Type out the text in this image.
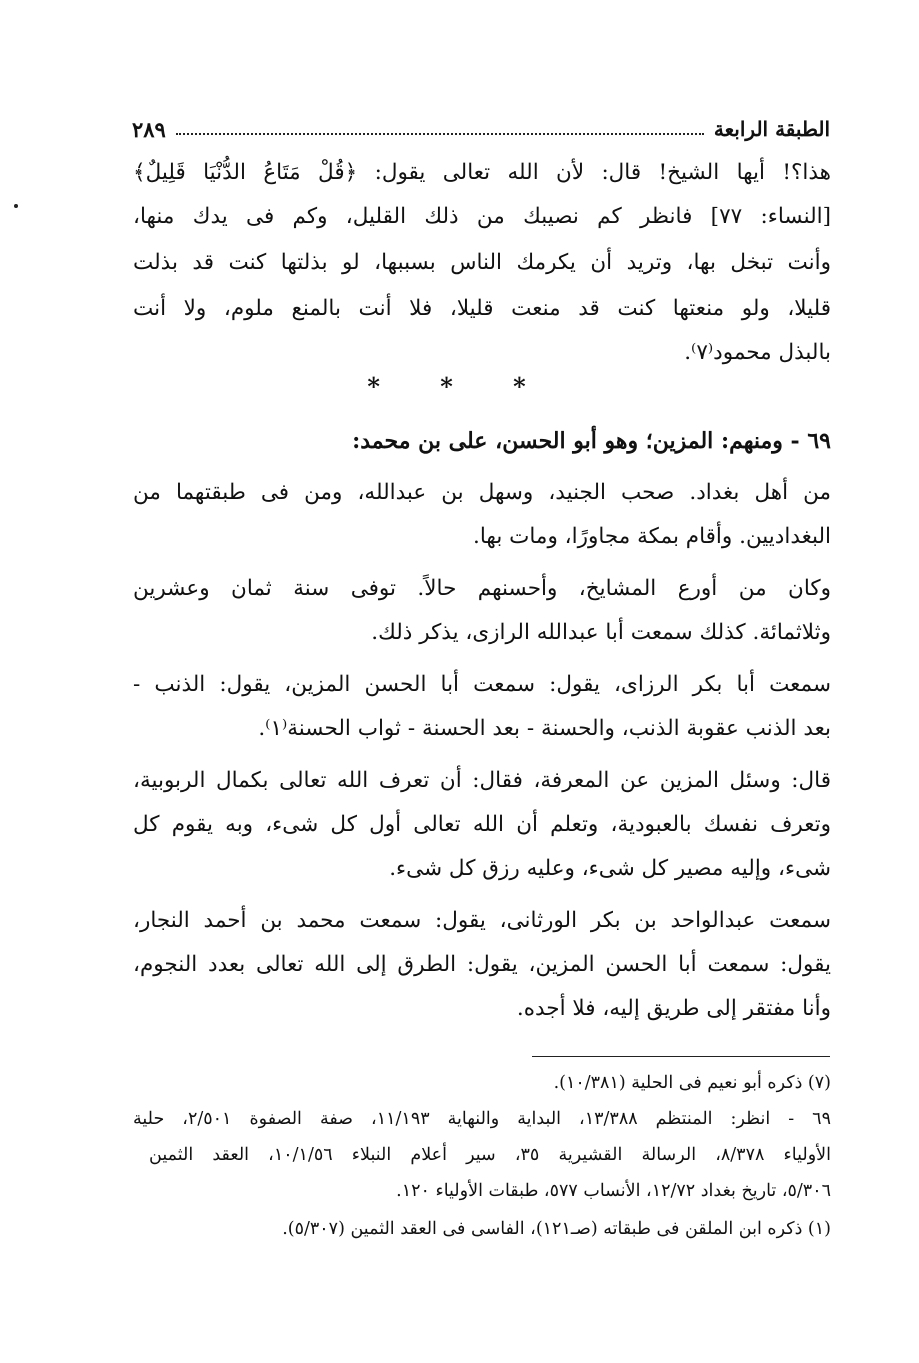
الطبقة الرابعة
٢٨٩
هذا؟! أيها الشيخ! قال: لأن الله تعالى يقول: ﴿قُلْ مَتَاعُ الدُّنْيَا قَلِيلٌ﴾
[النساء: ٧٧] فانظر كم نصيبك من ذلك القليل، وكم فى يدك منها،
وأنت تبخل بها، وتريد أن يكرمك الناس بسببها، لو بذلتها كنت قد بذلت
قليلا، ولو منعتها كنت قد منعت قليلا، فلا أنت بالمنع ملوم، ولا أنت
بالبذل محمود⁽٧⁾.
* * *
٦٩ - ومنهم: المزين؛ وهو أبو الحسن، على بن محمد:
من أهل بغداد. صحب الجنيد، وسهل بن عبدالله، ومن فى طبقتهما من
البغداديين. وأقام بمكة مجاورًا، ومات بها.
وكان من أورع المشايخ، وأحسنهم حالاً. توفى سنة ثمان وعشرين
وثلاثمائة. كذلك سمعت أبا عبدالله الرازى، يذكر ذلك.
سمعت أبا بكر الرزاى، يقول: سمعت أبا الحسن المزين، يقول: الذنب -
بعد الذنب عقوبة الذنب، والحسنة - بعد الحسنة - ثواب الحسنة⁽١⁾.
قال: وسئل المزين عن المعرفة، فقال: أن تعرف الله تعالى بكمال الربوبية،
وتعرف نفسك بالعبودية، وتعلم أن الله تعالى أول كل شىء، وبه يقوم كل
شىء، وإليه مصير كل شىء، وعليه رزق كل شىء.
سمعت عبدالواحد بن بكر الورثانى، يقول: سمعت محمد بن أحمد النجار،
يقول: سمعت أبا الحسن المزين، يقول: الطرق إلى الله تعالى بعدد النجوم،
وأنا مفتقر إلى طريق إليه، فلا أجده.
(٧) ذكره أبو نعيم فى الحلية (١٠/٣٨١).
٦٩ - انظر: المنتظم ١٣/٣٨٨، البداية والنهاية ١١/١٩٣، صفة الصفوة ٢/٥٠١، حلية
الأولياء ٨/٣٧٨، الرسالة القشيرية ٣٥، سير أعلام النبلاء ١٠/١/٥٦، العقد الثمين
٥/٣٠٦، تاريخ بغداد ١٢/٧٢، الأنساب ٥٧٧، طبقات الأولياء ١٢٠.
(١) ذكره ابن الملقن فى طبقاته (صـ١٢١)، الفاسى فى العقد الثمين (٥/٣٠٧).
